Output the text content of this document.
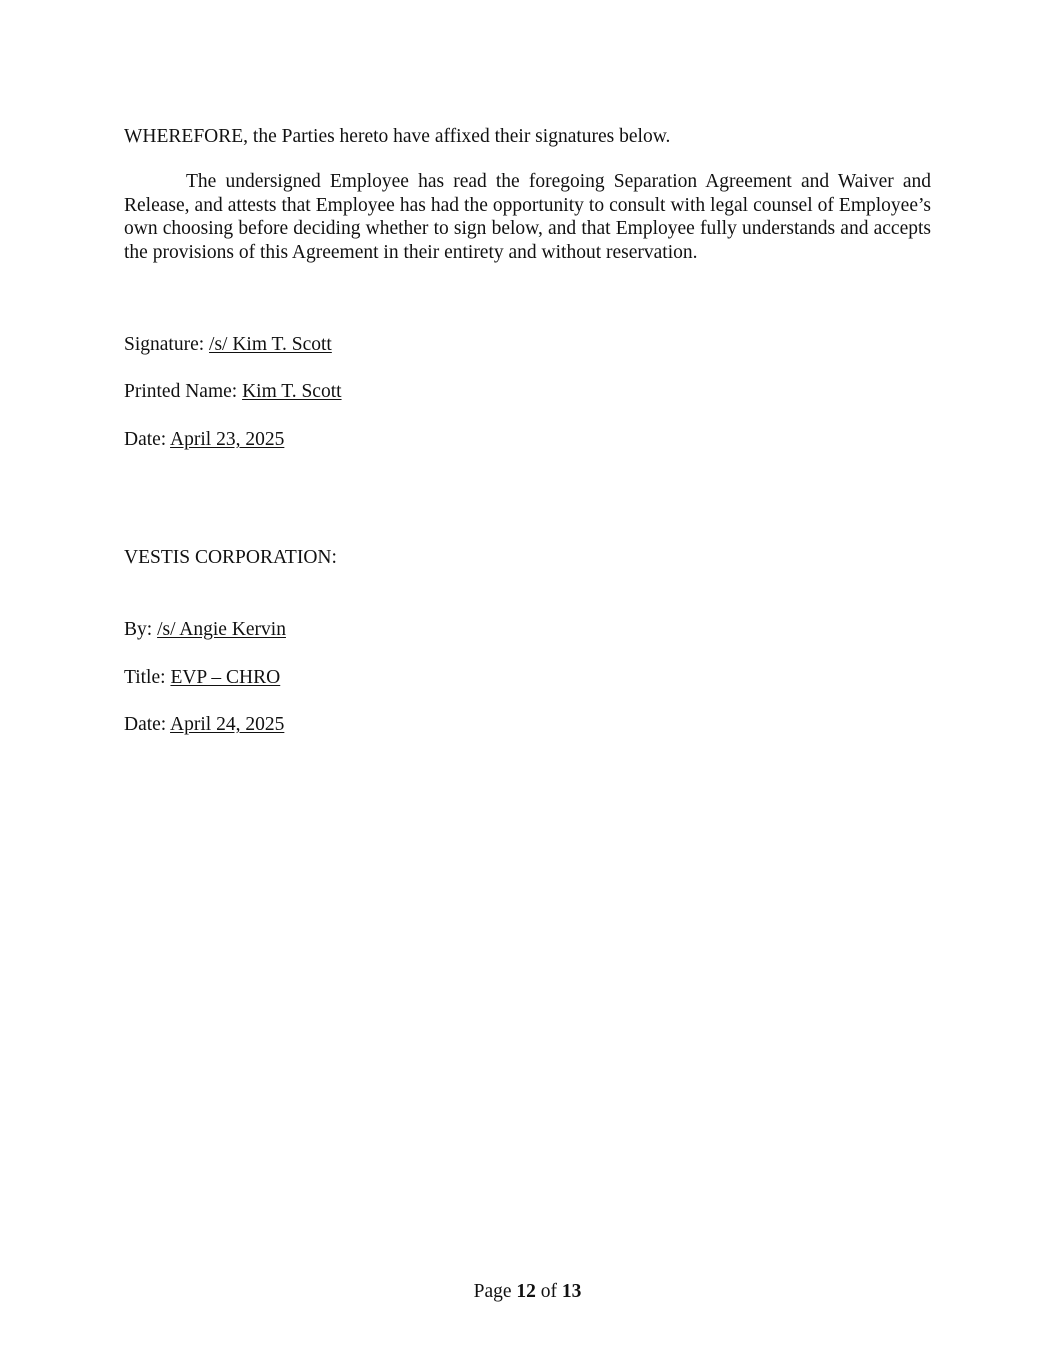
WHEREFORE, the Parties hereto have affixed their signatures below.
The undersigned Employee has read the foregoing Separation Agreement and Waiver and Release, and attests that Employee has had the opportunity to consult with legal counsel of Employee’s own choosing before deciding whether to sign below, and that Employee fully understands and accepts the provisions of this Agreement in their entirety and without reservation.
Signature: /s/ Kim T. Scott
Printed Name: Kim T. Scott
Date: April 23, 2025
VESTIS CORPORATION:
By: /s/ Angie Kervin
Title: EVP – CHRO
Date: April 24, 2025
Page 12 of 13
